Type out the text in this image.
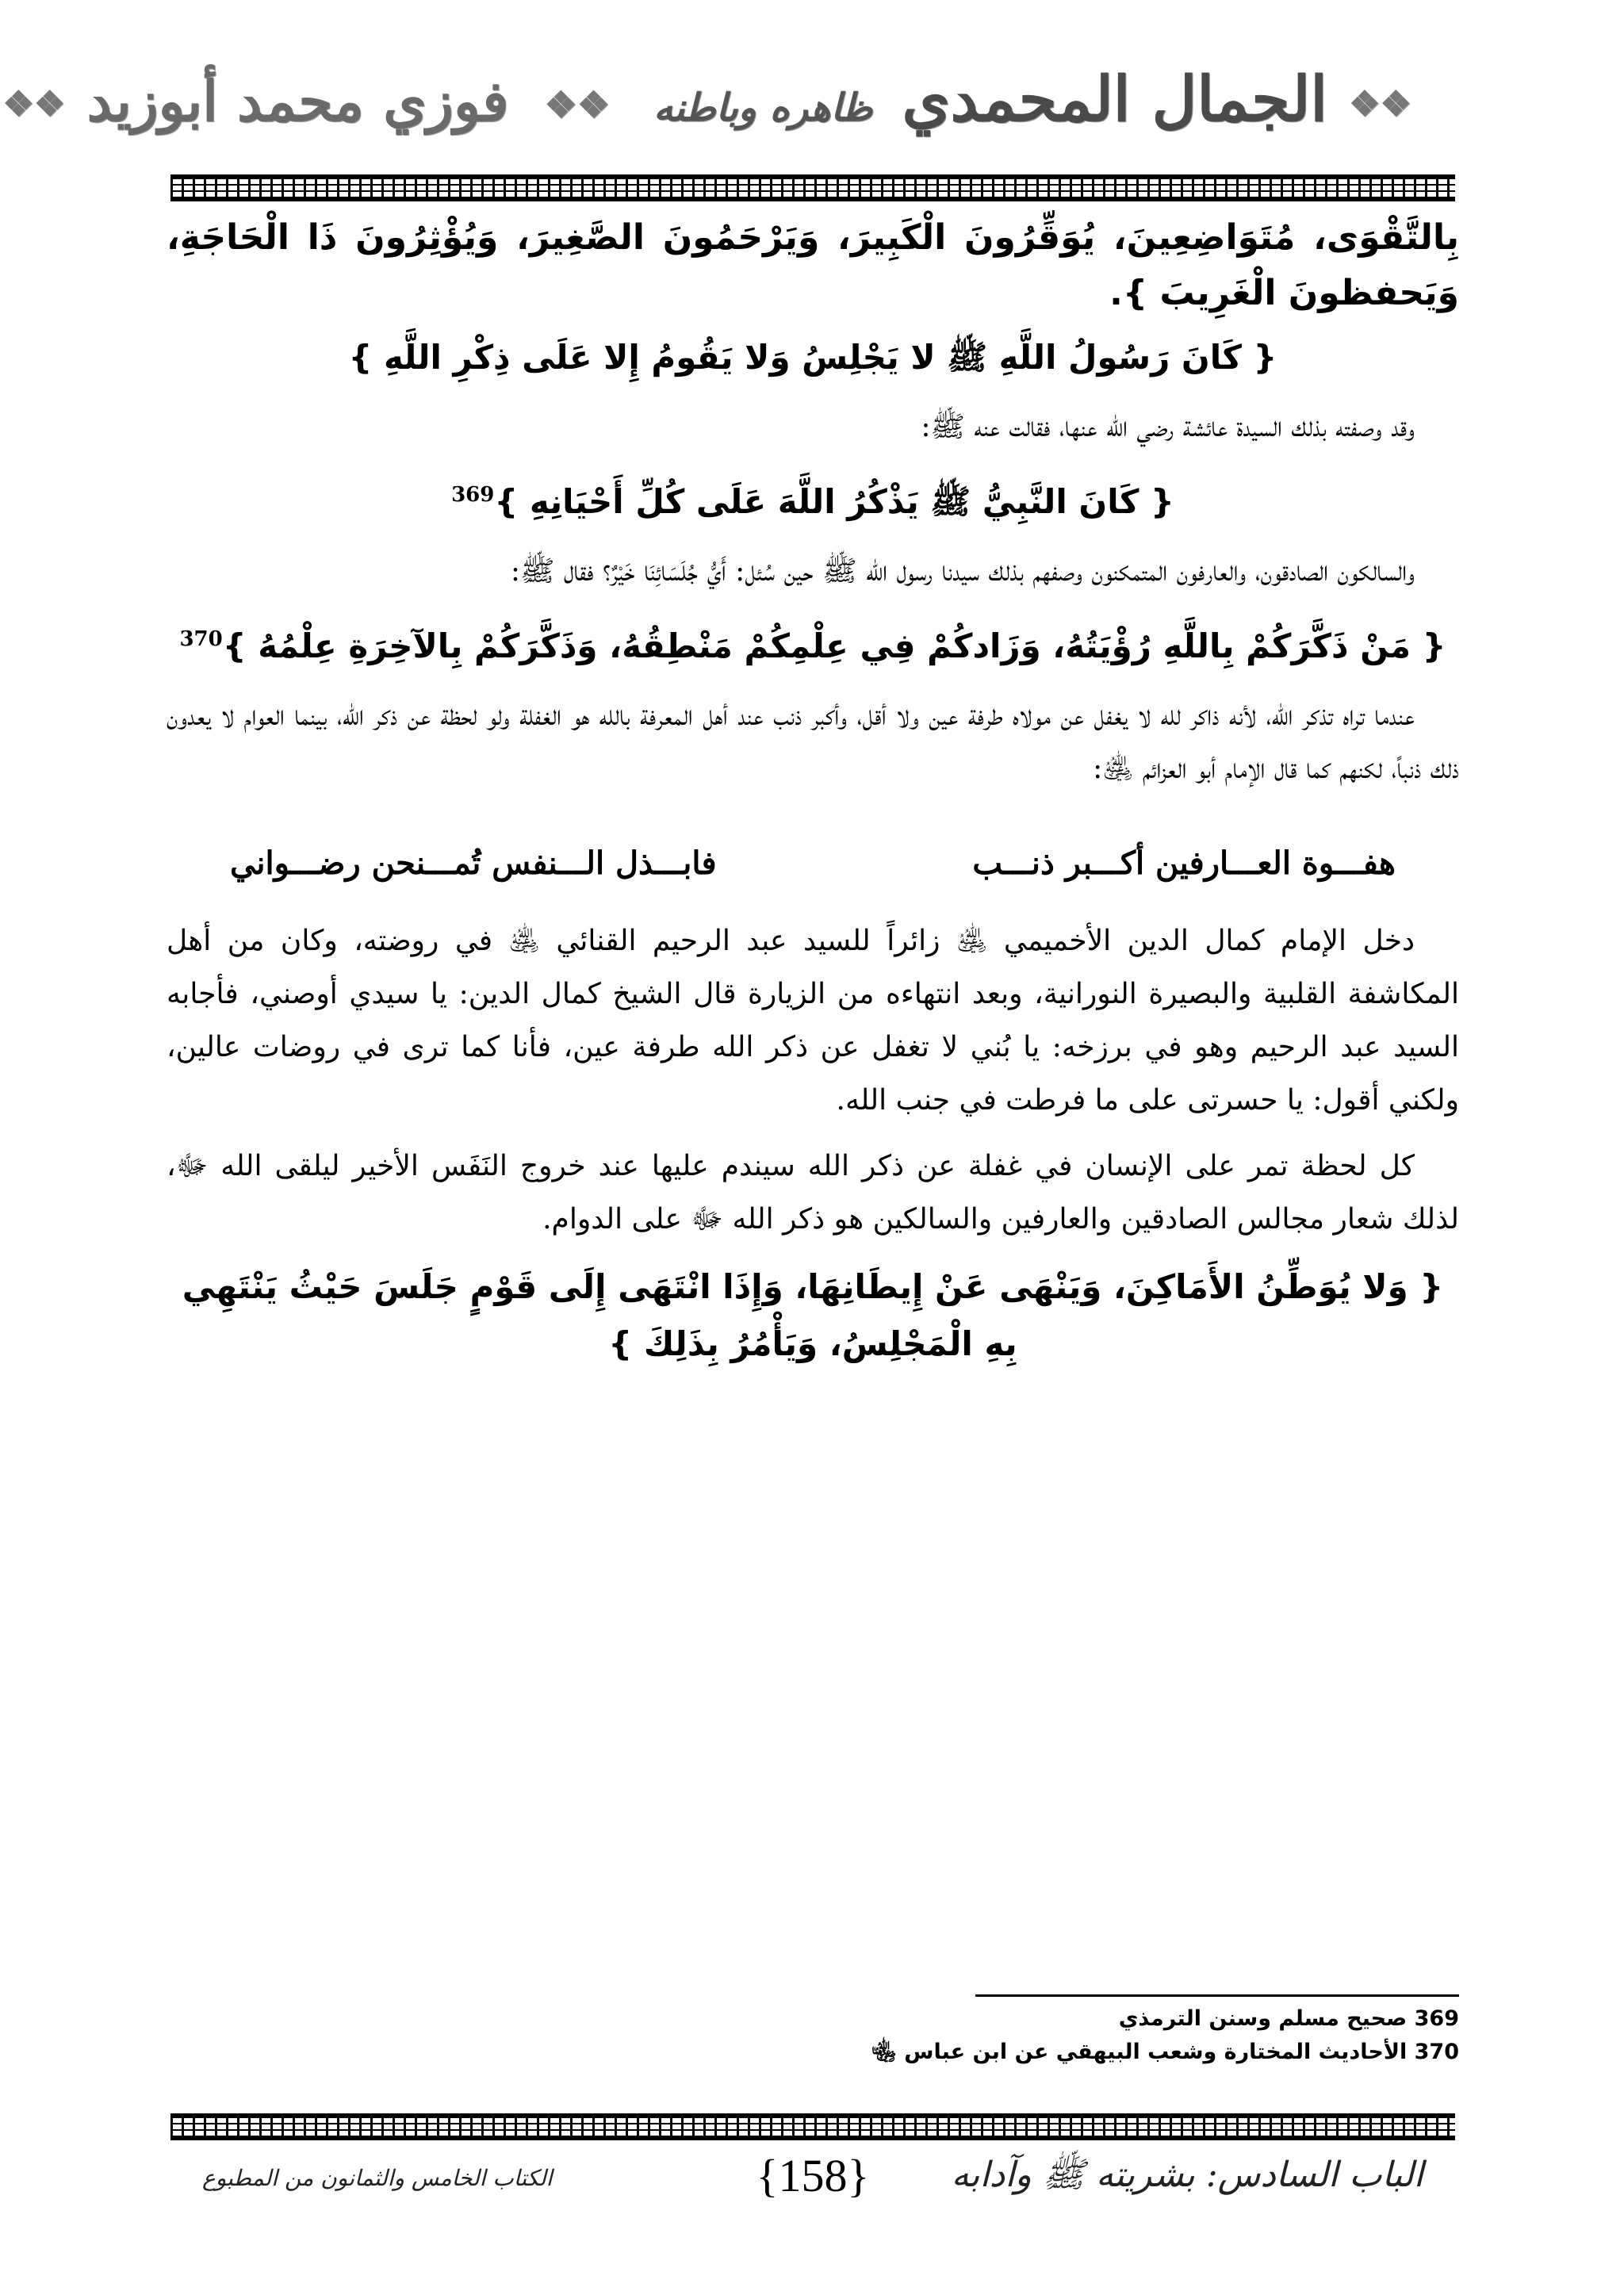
❖❖ الجمال المحمدي ظاهره وباطنه ❖❖ فوزي محمد أبوزيد ❖❖
بِالتَّقْوَى، مُتَوَاضِعِينَ، يُوَقِّرُونَ الْكَبِيرَ، وَيَرْحَمُونَ الصَّغِيرَ، وَيُؤْثِرُونَ ذَا الْحَاجَةِ، وَيَحفظونَ الْغَرِيبَ }.
{ كَانَ رَسُولُ اللَّهِ ﷺ لا يَجْلِسُ وَلا يَقُومُ إِلا عَلَى ذِكْرِ اللَّهِ }
وقد وصفته بذلك السيدة عائشة رضي الله عنها، فقالت عنه ﷺ:
{ كَانَ النَّبِيُّ ﷺ يَذْكُرُ اللَّهَ عَلَى كُلِّ أَحْيَانِهِ }$^{369}$
والسالكون الصادقون، والعارفون المتمكنون وصفهم بذلك سيدنا رسول الله ﷺ حين سُئل: أَيُّ جُلَسَائِنَا خَيْرٌ؟ فقال ﷺ:
{ مَنْ ذَكَّرَكُمْ بِاللَّهِ رُؤْيَتُهُ، وَزَادكُمْ فِي عِلْمِكُمْ مَنْطِقُهُ، وَذَكَّرَكُمْ بِالآخِرَةِ عِلْمُهُ }$^{370}$
عندما تراه تذكر الله، لأنه ذاكر لله لا يغفل عن مولاه طرفة عين ولا أقل، وأكبر ذنب عند أهل المعرفة بالله هو الغفلة ولو لحظة عن ذكر الله، بينما العوام لا يعدون ذلك ذنباً، لكنهم كما قال الإمام أبو العزائم ﵁:
هفـــوة العـــارفين أكـــبر ذنـــب
فابـــذل الـــنفس تُمـــنحن رضـــواني
دخل الإمام كمال الدين الأخميمي ﵁ زائراً للسيد عبد الرحيم القنائي ﵁ في روضته، وكان من أهل المكاشفة القلبية والبصيرة النورانية، وبعد انتهاءه من الزيارة قال الشيخ كمال الدين: يا سيدي أوصني، فأجابه السيد عبد الرحيم وهو في برزخه: يا بُني لا تغفل عن ذكر الله طرفة عين، فأنا كما ترى في روضات عالين، ولكني أقول: يا حسرتى على ما فرطت في جنب الله.
كل لحظة تمر على الإنسان في غفلة عن ذكر الله سيندم عليها عند خروج النَفَس الأخير ليلقى الله ﷻ، لذلك شعار مجالس الصادقين والعارفين والسالكين هو ذكر الله ﷻ على الدوام.
{ وَلا يُوَطِّنُ الأَمَاكِنَ، وَيَنْهَى عَنْ إِيطَانِهَا، وَإِذَا انْتَهَى إِلَى قَوْمٍ جَلَسَ حَيْثُ يَنْتَهِي بِهِ الْمَجْلِسُ، وَيَأْمُرُ بِذَلِكَ }
369 صحيح مسلم وسنن الترمذي
370 الأحاديث المختارة وشعب البيهقي عن ابن عباس ﵄
الباب السادس: بشريته ﷺ وآدابه
{158}
الكتاب الخامس والثمانون من المطبوع
